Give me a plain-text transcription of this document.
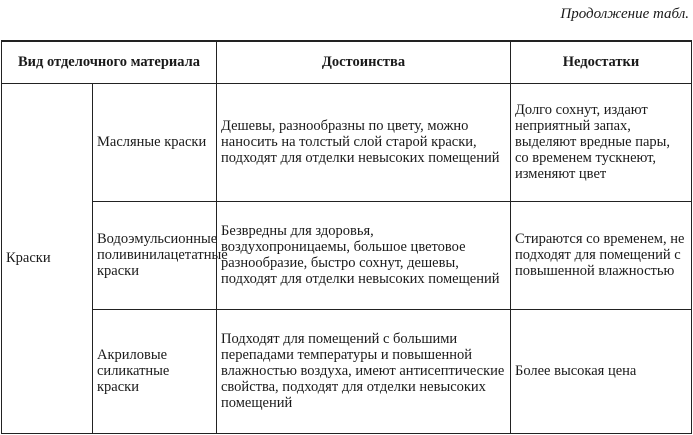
Продолжение табл.
Вид отделочного материала		Достоинства	Недостатки
Краски	Масляные краски	Дешевы, разнообразны по цвету, можно наносить на толстый слой старой краски, подходят для отделки невысоких помещений	Долго сохнут, издают неприятный запах, выделяют вредные пары, со временем тускнеют, изменяют цвет
	Водоэмульсионные поливинилацетатные краски	Безвредны для здоровья, воздухопроницаемы, большое цветовое разнообразие, быстро сохнут, дешевы, подходят для отделки невысоких помещений	Стираются со временем, не подходят для помещений с повышенной влажностью
	Акриловые силикатные краски	Подходят для помещений с большими перепадами температуры и повышенной влажностью воздуха, имеют антисептические свойства, подходят для отделки невысоких помещений	Более высокая цена
